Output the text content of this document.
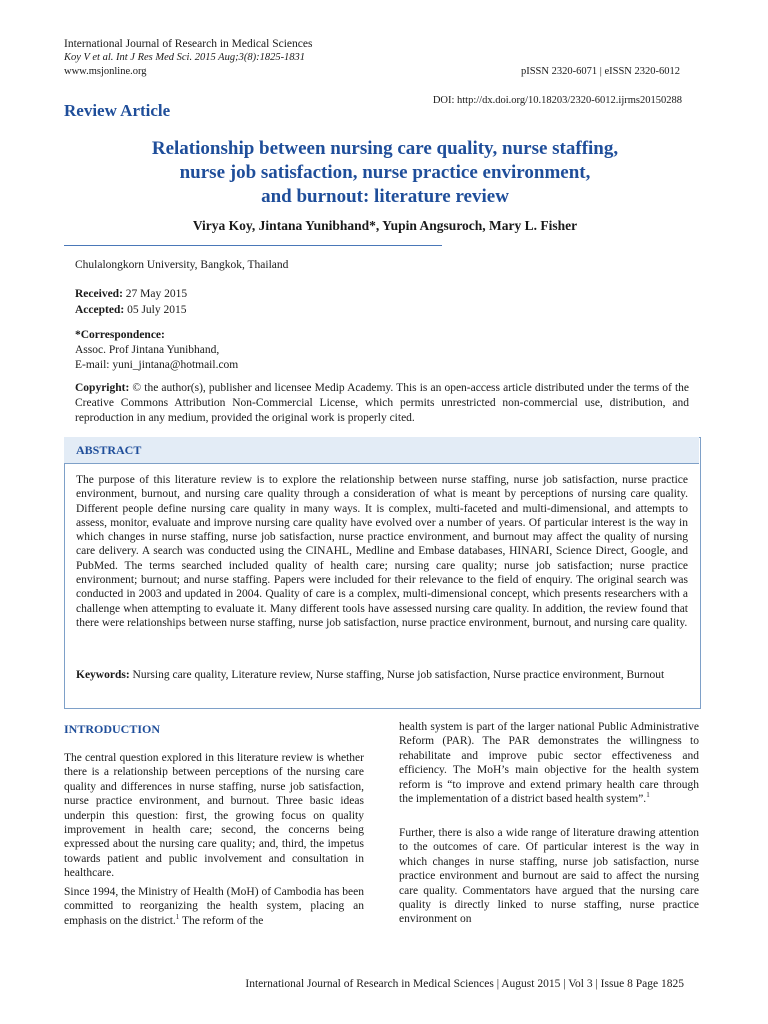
International Journal of Research in Medical Sciences
Koy V et al. Int J Res Med Sci. 2015 Aug;3(8):1825-1831
www.msjonline.org	pISSN 2320-6071 | eISSN 2320-6012
DOI: http://dx.doi.org/10.18203/2320-6012.ijrms20150288
Review Article
Relationship between nursing care quality, nurse staffing,
nurse job satisfaction, nurse practice environment,
and burnout: literature review
Virya Koy, Jintana Yunibhand*, Yupin Angsuroch, Mary L. Fisher
Chulalongkorn University, Bangkok, Thailand
Received: 27 May 2015
Accepted: 05 July 2015
*Correspondence:
Assoc. Prof Jintana Yunibhand,
E-mail: yuni_jintana@hotmail.com
Copyright: © the author(s), publisher and licensee Medip Academy. This is an open-access article distributed under the terms of the Creative Commons Attribution Non-Commercial License, which permits unrestricted non-commercial use, distribution, and reproduction in any medium, provided the original work is properly cited.
ABSTRACT
The purpose of this literature review is to explore the relationship between nurse staffing, nurse job satisfaction, nurse practice environment, burnout, and nursing care quality through a consideration of what is meant by perceptions of nursing care quality. Different people define nursing care quality in many ways. It is complex, multi-faceted and multi-dimensional, and attempts to assess, monitor, evaluate and improve nursing care quality have evolved over a number of years. Of particular interest is the way in which changes in nurse staffing, nurse job satisfaction, nurse practice environment, and burnout may affect the quality of nursing care delivery. A search was conducted using the CINAHL, Medline and Embase databases, HINARI, Science Direct, Google, and PubMed. The terms searched included quality of health care; nursing care quality; nurse job satisfaction; nurse practice environment; burnout; and nurse staffing. Papers were included for their relevance to the field of enquiry. The original search was conducted in 2003 and updated in 2004. Quality of care is a complex, multi-dimensional concept, which presents researchers with a challenge when attempting to evaluate it. Many different tools have assessed nursing care quality. In addition, the review found that there were relationships between nurse staffing, nurse job satisfaction, nurse practice environment, burnout, and nursing care quality.
Keywords: Nursing care quality, Literature review, Nurse staffing, Nurse job satisfaction, Nurse practice environment, Burnout
INTRODUCTION
The central question explored in this literature review is whether there is a relationship between perceptions of the nursing care quality and differences in nurse staffing, nurse job satisfaction, nurse practice environment, and burnout. Three basic ideas underpin this question: first, the growing focus on quality improvement in health care; second, the concerns being expressed about the nursing care quality; and, third, the impetus towards patient and public involvement and consultation in healthcare.
Since 1994, the Ministry of Health (MoH) of Cambodia has been committed to reorganizing the health system, placing an emphasis on the district.$^1$ The reform of the
health system is part of the larger national Public Administrative Reform (PAR). The PAR demonstrates the willingness to rehabilitate and improve pubic sector effectiveness and efficiency. The MoH’s main objective for the health system reform is “to improve and extend primary health care through the implementation of a district based health system”.$^1$
Further, there is also a wide range of literature drawing attention to the outcomes of care. Of particular interest is the way in which changes in nurse staffing, nurse job satisfaction, nurse practice environment and burnout are said to affect the nursing care quality. Commentators have argued that the nursing care quality is directly linked to nurse staffing, nurse practice environment on
International Journal of Research in Medical Sciences | August 2015 | Vol 3 | Issue 8 Page 1825
